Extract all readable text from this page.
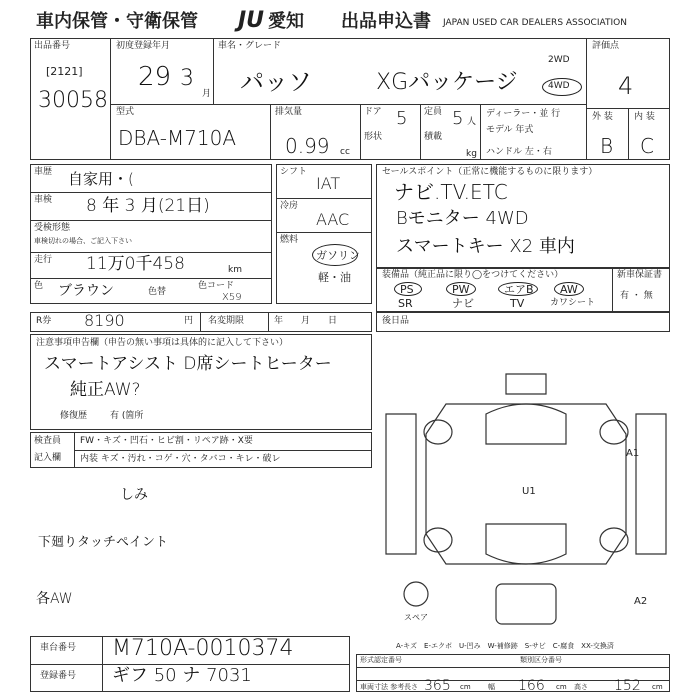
車内保管・守衛保管 JU 愛知 出品申込書 JAPAN USED CAR DEALERS ASSOCIATION
出品番号
[2121]
30058
初度登録年月
29 3
月
車名・グレード
パッソ	XGパッケージ
2WD
4WD
評価点
4
外 装 内 装
B C
型式
DBA-M710A
排気量
0.99 cc
ドア 5
形状
定員 5 人
積載
kg
ディーラー・並 行
モデル 年式
ハンドル 左・右
車歴 自家用・(
車検 8 年 3 月(21日)
受検形態
車検切れの場合、ご記入下さい
走行 11万0千458	km
色 ブラウン	色替
色コード
X59
シフト
IAT
冷房
AAC
燃料
ガソリン
軽・油
セールスポイント（正常に機能するものに限ります）
ナビ.TV.ETC
Bモニター 4WD
スマートキー X2 車内
装備品（純正品に限り◯をつけてください）	新車保証書
有 ・ 無
PS
SR
PW
ナビ
エアB
TV
AW
カワシート
R券 8190	円 名変期限	年　　月　　日	後日品
注意事項申告欄（申告の無い事項は具体的に記入して下さい）
スマートアシスト D席シートヒーター
純正AW?
修復歴	有 (箇所
検査員
記入欄
FW・キズ・凹石・ヒビ割・リペア跡・X要
内装 キズ・汚れ・コゲ・穴・タバコ・キレ・破レ
しみ
下廻りタッチペイント
各AW
A1
U1
A2
スペア
A-キズ　E-エクボ　U-凹み　W-補修跡　S-サビ　C-腐食　XX-交換済
車台番号 M710A-0010374
登録番号 ギフ 50 ナ 7031
形式認定番号	類別区分番号
車両寸法 参考 長さ 365 cm 幅 166 cm 高さ 152 cm
